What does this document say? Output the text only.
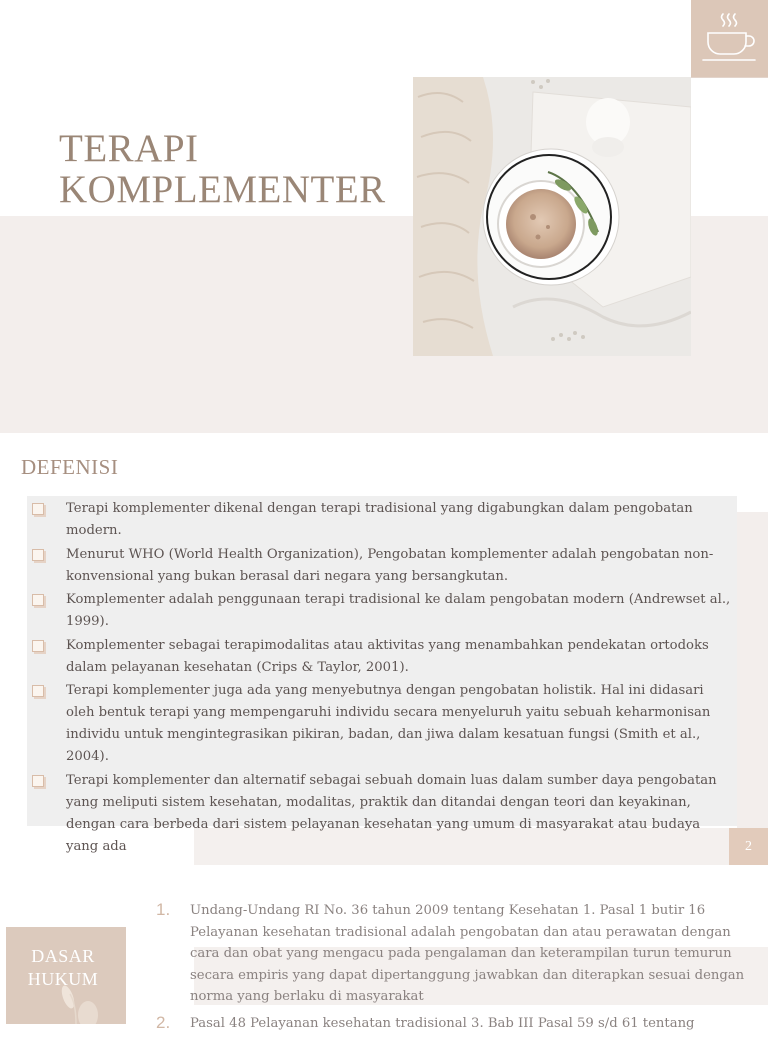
TERAPI
KOMPLEMENTER
DEFENISI
2
Terapi komplementer dikenal dengan terapi tradisional yang digabungkan dalam pengobatan modern.
Menurut WHO (World Health Organization), Pengobatan komplementer adalah pengobatan non-konvensional yang bukan berasal dari negara yang bersangkutan.
Komplementer adalah penggunaan terapi tradisional ke dalam pengobatan modern (Andrewset al., 1999).
Komplementer sebagai terapimodalitas atau aktivitas yang menambahkan pendekatan ortodoks dalam pelayanan kesehatan (Crips & Taylor, 2001).
Terapi komplementer juga ada yang menyebutnya dengan pengobatan holistik. Hal ini didasari oleh bentuk terapi yang mempengaruhi individu secara menyeluruh yaitu sebuah keharmonisan individu untuk mengintegrasikan pikiran, badan, dan jiwa dalam kesatuan fungsi (Smith et al., 2004).
Terapi komplementer dan alternatif sebagai sebuah domain luas dalam sumber daya pengobatan yang meliputi sistem kesehatan, modalitas, praktik dan ditandai dengan teori dan keyakinan, dengan cara berbeda dari sistem pelayanan kesehatan yang umum di masyarakat atau budaya yang ada
DASAR
HUKUM
1. Undang-Undang RI No. 36 tahun 2009 tentang Kesehatan 1. Pasal 1 butir 16 Pelayanan kesehatan tradisional adalah pengobatan dan atau perawatan dengan cara dan obat yang mengacu pada pengalaman dan keterampilan turun temurun secara empiris yang dapat dipertanggung jawabkan dan diterapkan sesuai dengan norma yang berlaku di masyarakat
2. Pasal 48 Pelayanan kesehatan tradisional 3. Bab III Pasal 59 s/d 61 tentang
